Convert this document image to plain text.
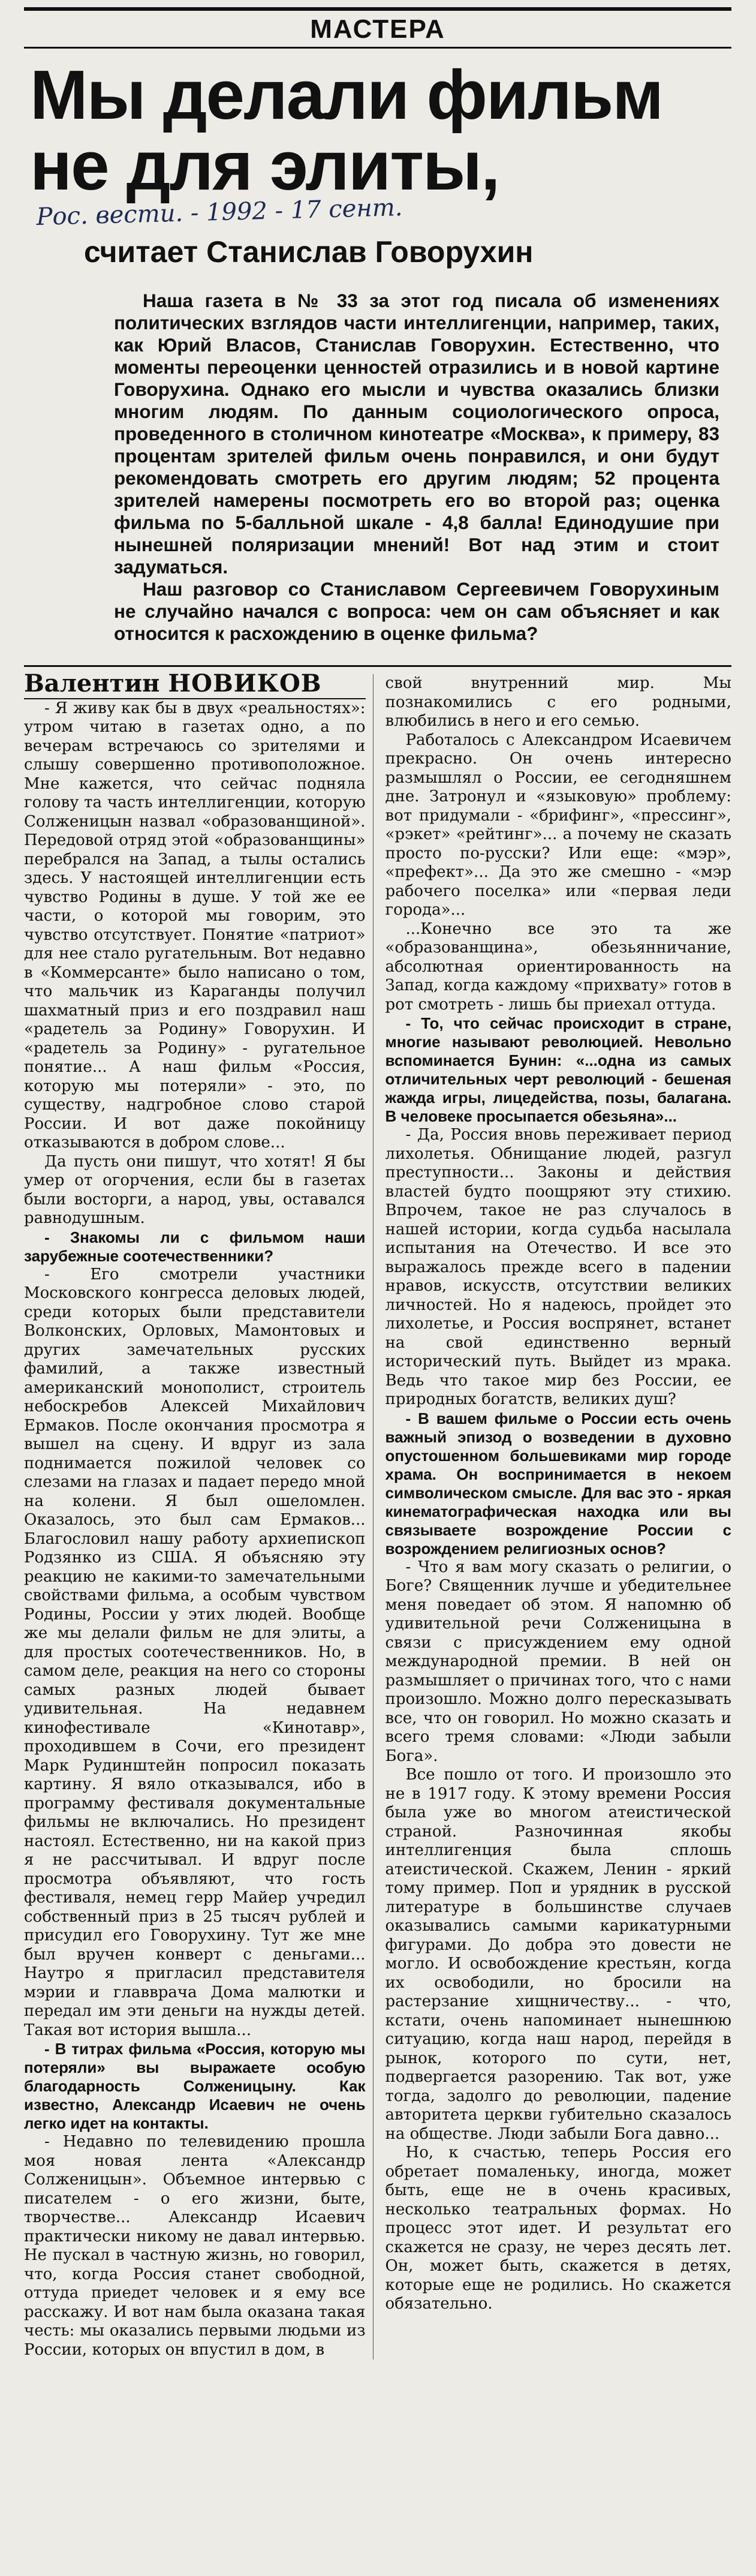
МАСТЕРА
Мы делали фильм
не для элиты,
Рос. вести. - 1992 - 17 сент.
считает Станислав Говорухин

Наша газета в № 33 за этот год писала об изменениях политических взглядов части интеллигенции, например, таких, как Юрий Власов, Станислав Говорухин. Естественно, что моменты переоценки ценностей отразились и в новой картине Говорухина. Однако его мысли и чувства оказались близки многим людям. По данным социологического опроса, проведенного в столичном кинотеатре «Москва», к примеру, 83 процентам зрителей фильм очень понравился, и они будут рекомендовать смотреть его другим людям; 52 процента зрителей намерены посмотреть его во второй раз; оценка фильма по 5-балльной шкале - 4,8 балла! Единодушие при нынешней поляризации мнений! Вот над этим и стоит задуматься.

Наш разговор со Станиславом Сергеевичем Говорухиным не случайно начался с вопроса: чем он сам объясняет и как относится к расхождению в оценке фильма?

Валентин НОВИКОВ

- Я живу как бы в двух «реальностях»: утром читаю в газетах одно, а по вечерам встречаюсь со зрителями и слышу совершенно противоположное. Мне кажется, что сейчас подняла голову та часть интеллигенции, которую Солженицын назвал «образованщиной». Передовой отряд этой «образованщины» перебрался на Запад, а тылы остались здесь. У настоящей интеллигенции есть чувство Родины в душе. У той же ее части, о которой мы говорим, это чувство отсутствует. Понятие «патриот» для нее стало ругательным. Вот недавно в «Коммерсанте» было написано о том, что мальчик из Караганды получил шахматный приз и его поздравил наш «радетель за Родину» Говорухин. И «радетель за Родину» - ругательное понятие... А наш фильм «Россия, которую мы потеряли» - это, по существу, надгробное слово старой России. И вот даже покойницу отказываются в добром слове...

Да пусть они пишут, что хотят! Я бы умер от огорчения, если бы в газетах были восторги, а народ, увы, оставался равнодушным.

- Знакомы ли с фильмом наши зарубежные соотечественники?

- Его смотрели участники Московского конгресса деловых людей, среди которых были представители Волконских, Орловых, Мамонтовых и других замечательных русских фамилий, а также известный американский монополист, строитель небоскребов Алексей Михайлович Ермаков. После окончания просмотра я вышел на сцену. И вдруг из зала поднимается пожилой человек со слезами на глазах и падает передо мной на колени. Я был ошеломлен. Оказалось, это был сам Ермаков... Благословил нашу работу архиепископ Родзянко из США. Я объясняю эту реакцию не какими-то замечательными свойствами фильма, а особым чувством Родины, России у этих людей. Вообще же мы делали фильм не для элиты, а для простых соотечественников. Но, в самом деле, реакция на него со стороны самых разных людей бывает удивительная. На недавнем кинофестивале «Кинотавр», проходившем в Сочи, его президент Марк Рудинштейн попросил показать картину. Я вяло отказывался, ибо в программу фестиваля документальные фильмы не включались. Но президент настоял. Естественно, ни на какой приз я не рассчитывал. И вдруг после просмотра объявляют, что гость фестиваля, немец герр Майер учредил собственный приз в 25 тысяч рублей и присудил его Говорухину. Тут же мне был вручен конверт с деньгами... Наутро я пригласил представителя мэрии и главврача Дома малютки и передал им эти деньги на нужды детей. Такая вот история вышла...

- В титрах фильма «Россия, которую мы потеряли» вы выражаете особую благодарность Солженицыну. Как известно, Александр Исаевич не очень легко идет на контакты.

- Недавно по телевидению прошла моя новая лента «Александр Солженицын». Объемное интервью с писателем - о его жизни, быте, творчестве... Александр Исаевич практически никому не давал интервью. Не пускал в частную жизнь, но говорил, что, когда Россия станет свободной, оттуда приедет человек и я ему все расскажу. И вот нам была оказана такая честь: мы оказались первыми людьми из России, которых он впустил в дом, в

свой внутренний мир. Мы познакомились с его родными, влюбились в него и его семью.

Работалось с Александром Исаевичем прекрасно. Он очень интересно размышлял о России, ее сегодняшнем дне. Затронул и «языковую» проблему: вот придумали - «брифинг», «прессинг», «рэкет» «рейтинг»... а почему не сказать просто по-русски? Или еще: «мэр», «префект»... Да это же смешно - «мэр рабочего поселка» или «первая леди города»...

...Конечно все это та же «образованщина», обезьянничание, абсолютная ориентированность на Запад, когда каждому «прихвату» готов в рот смотреть - лишь бы приехал оттуда.

- То, что сейчас происходит в стране, многие называют революцией. Невольно вспоминается Бунин: «...одна из самых отличительных черт революций - бешеная жажда игры, лицедейства, позы, балагана. В человеке просыпается обезьяна»...

- Да, Россия вновь переживает период лихолетья. Обнищание людей, разгул преступности... Законы и действия властей будто поощряют эту стихию. Впрочем, такое не раз случалось в нашей истории, когда судьба насылала испытания на Отечество. И все это выражалось прежде всего в падении нравов, искусств, отсутствии великих личностей. Но я надеюсь, пройдет это лихолетье, и Россия воспрянет, встанет на свой единственно верный исторический путь. Выйдет из мрака. Ведь что такое мир без России, ее природных богатств, великих душ?

- В вашем фильме о России есть очень важный эпизод о возведении в духовно опустошенном большевиками мир городе храма. Он воспринимается в некоем символическом смысле. Для вас это - яркая кинематографическая находка или вы связываете возрождение России с возрождением религиозных основ?

- Что я вам могу сказать о религии, о Боге? Священник лучше и убедительнее меня поведает об этом. Я напомню об удивительной речи Солженицына в связи с присуждением ему одной международной премии. В ней он размышляет о причинах того, что с нами произошло. Можно долго пересказывать все, что он говорил. Но можно сказать и всего тремя словами: «Люди забыли Бога».

Все пошло от того. И произошло это не в 1917 году. К этому времени Россия была уже во многом атеистической страной. Разночинная якобы интеллигенция была сплошь атеистической. Скажем, Ленин - яркий тому пример. Поп и урядник в русской литературе в большинстве случаев оказывались самыми карикатурными фигурами. До добра это довести не могло. И освобождение крестьян, когда их освободили, но бросили на растерзание хищничеству... - что, кстати, очень напоминает нынешнюю ситуацию, когда наш народ, перейдя в рынок, которого по сути, нет, подвергается разорению. Так вот, уже тогда, задолго до революции, падение авторитета церкви губительно сказалось на обществе. Люди забыли Бога давно...

Но, к счастью, теперь Россия его обретает помаленьку, иногда, может быть, еще не в очень красивых, несколько театральных формах. Но процесс этот идет. И результат его скажется не сразу, не через десять лет. Он, может быть, скажется в детях, которые еще не родились. Но скажется обязательно.
